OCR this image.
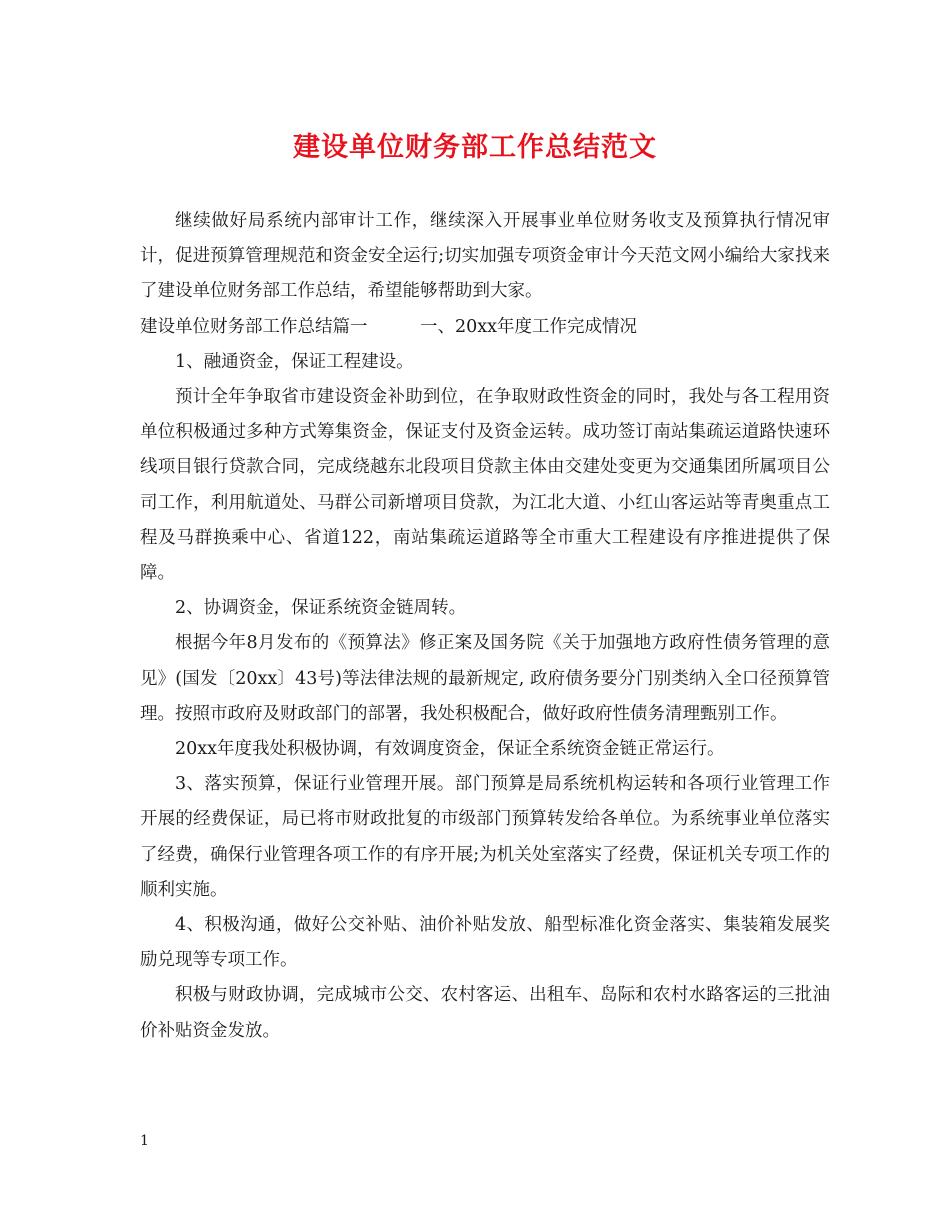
建设单位财务部工作总结范文

继续做好局系统内部审计工作，继续深入开展事业单位财务收支及预算执行情况审计，促进预算管理规范和资金安全运行;切实加强专项资金审计今天范文网小编给大家找来了建设单位财务部工作总结，希望能够帮助到大家。

建设单位财务部工作总结篇一　　　一、20xx年度工作完成情况

1、融通资金，保证工程建设。

预计全年争取省市建设资金补助到位，在争取财政性资金的同时，我处与各工程用资单位积极通过多种方式筹集资金，保证支付及资金运转。成功签订南站集疏运道路快速环线项目银行贷款合同，完成绕越东北段项目贷款主体由交建处变更为交通集团所属项目公司工作，利用航道处、马群公司新增项目贷款，为江北大道、小红山客运站等青奥重点工程及马群换乘中心、省道122，南站集疏运道路等全市重大工程建设有序推进提供了保障。

2、协调资金，保证系统资金链周转。

根据今年8月发布的《预算法》修正案及国务院《关于加强地方政府性债务管理的意见》(国发〔20xx〕43号)等法律法规的最新规定, 政府债务要分门别类纳入全口径预算管理。按照市政府及财政部门的部署，我处积极配合，做好政府性债务清理甄别工作。

20xx年度我处积极协调，有效调度资金，保证全系统资金链正常运行。

3、落实预算，保证行业管理开展。部门预算是局系统机构运转和各项行业管理工作开展的经费保证，局已将市财政批复的市级部门预算转发给各单位。为系统事业单位落实了经费，确保行业管理各项工作的有序开展;为机关处室落实了经费，保证机关专项工作的顺利实施。

4、积极沟通，做好公交补贴、油价补贴发放、船型标准化资金落实、集装箱发展奖励兑现等专项工作。

积极与财政协调，完成城市公交、农村客运、出租车、岛际和农村水路客运的三批油价补贴资金发放。

1
